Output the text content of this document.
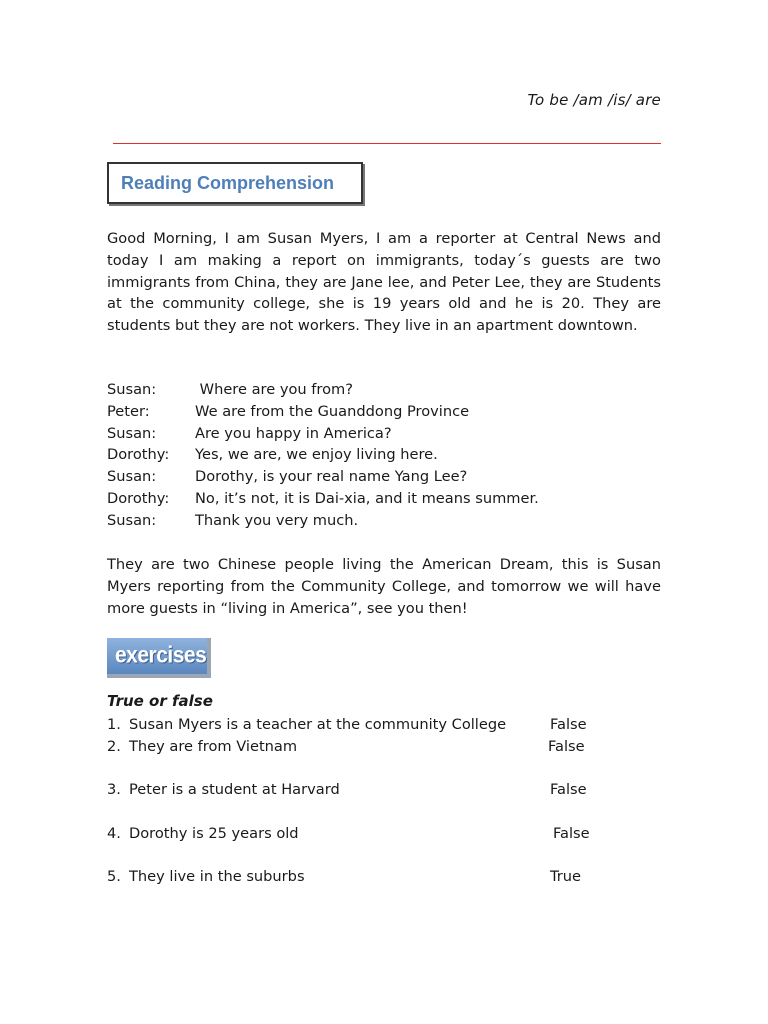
To be /am /is/ are
Reading Comprehension
Good Morning, I am Susan Myers, I am a reporter at Central News and today I am making a report on immigrants, today´s guests are two immigrants from China, they are Jane lee, and Peter Lee, they are Students at the community college, she is 19 years old and he is 20. They are students but they are not workers. They live in an apartment downtown.
Susan:	Where are you from?
Peter:	We are from the Guanddong Province
Susan:	Are you happy in America?
Dorothy:	Yes, we are, we enjoy living here.
Susan:	Dorothy, is your real name Yang Lee?
Dorothy:	No, it’s not, it is Dai-xia, and it means summer.
Susan:	Thank you very much.
They are two Chinese people living the American Dream, this is Susan Myers reporting from the Community College, and tomorrow we will have more guests in “living in America”, see you then!
exercises
True or false
1. Susan Myers is a teacher at the community College	False
2. They are from Vietnam	False
3. Peter is a student at Harvard	False
4. Dorothy is 25 years old	False
5. They live in the suburbs	True
